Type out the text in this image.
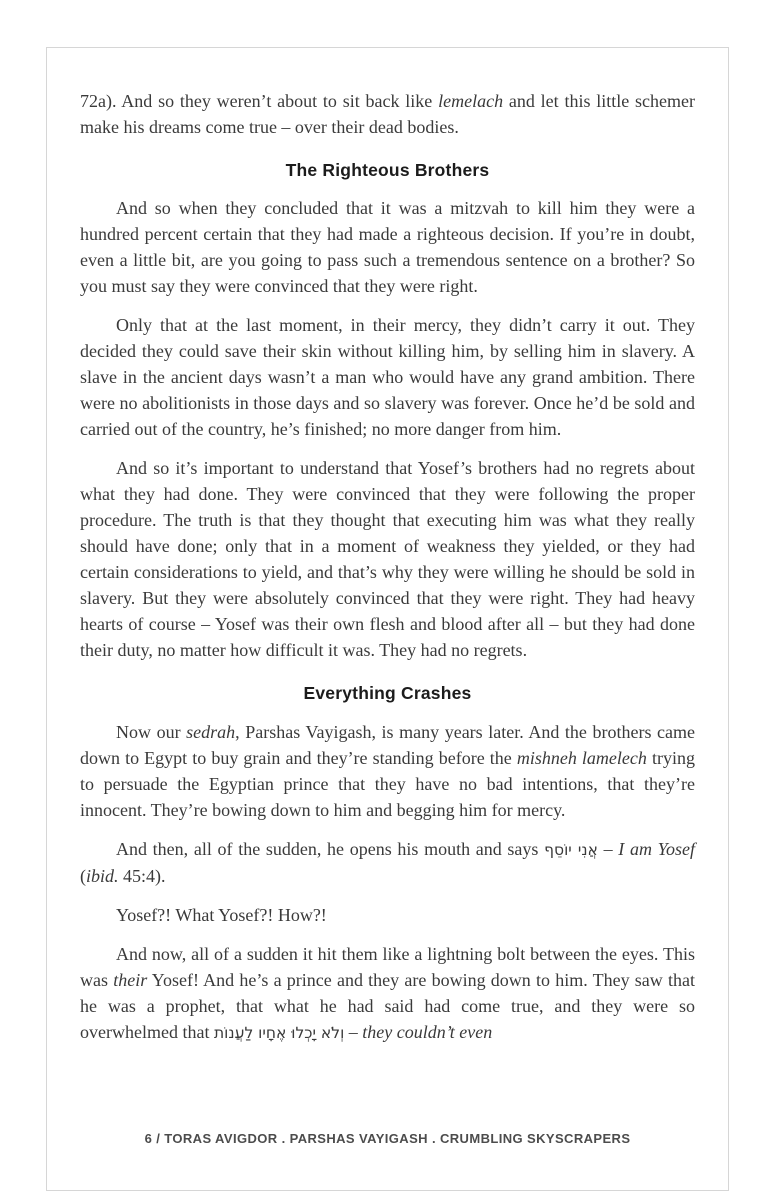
72a). And so they weren’t about to sit back like lemelach and let this little schemer make his dreams come true – over their dead bodies.

The Righteous Brothers

And so when they concluded that it was a mitzvah to kill him they were a hundred percent certain that they had made a righteous decision. If you’re in doubt, even a little bit, are you going to pass such a tremendous sentence on a brother? So you must say they were convinced that they were right.

Only that at the last moment, in their mercy, they didn’t carry it out. They decided they could save their skin without killing him, by selling him in slavery. A slave in the ancient days wasn’t a man who would have any grand ambition. There were no abolitionists in those days and so slavery was forever. Once he’d be sold and carried out of the country, he’s finished; no more danger from him.

And so it’s important to understand that Yosef’s brothers had no regrets about what they had done. They were convinced that they were following the proper procedure. The truth is that they thought that executing him was what they really should have done; only that in a moment of weakness they yielded, or they had certain considerations to yield, and that’s why they were willing he should be sold in slavery. But they were absolutely convinced that they were right. They had heavy hearts of course – Yosef was their own flesh and blood after all – but they had done their duty, no matter how difficult it was. They had no regrets.

Everything Crashes

Now our sedrah, Parshas Vayigash, is many years later. And the brothers came down to Egypt to buy grain and they’re standing before the mishneh lamelech trying to persuade the Egyptian prince that they have no bad intentions, that they’re innocent. They’re bowing down to him and begging him for mercy.

And then, all of the sudden, he opens his mouth and says אֲנִי יוֹסֵף – I am Yosef (ibid. 45:4).

Yosef?! What Yosef?! How?!

And now, all of a sudden it hit them like a lightning bolt between the eyes. This was their Yosef! And he’s a prince and they are bowing down to him. They saw that he was a prophet, that what he had said had come true, and they were so overwhelmed that וְלֹא יָכְלוּ אֶחָיו לַעֲנוֹת – they couldn’t even

6 / TORAS AVIGDOR . PARSHAS VAYIGASH . CRUMBLING SKYSCRAPERS
